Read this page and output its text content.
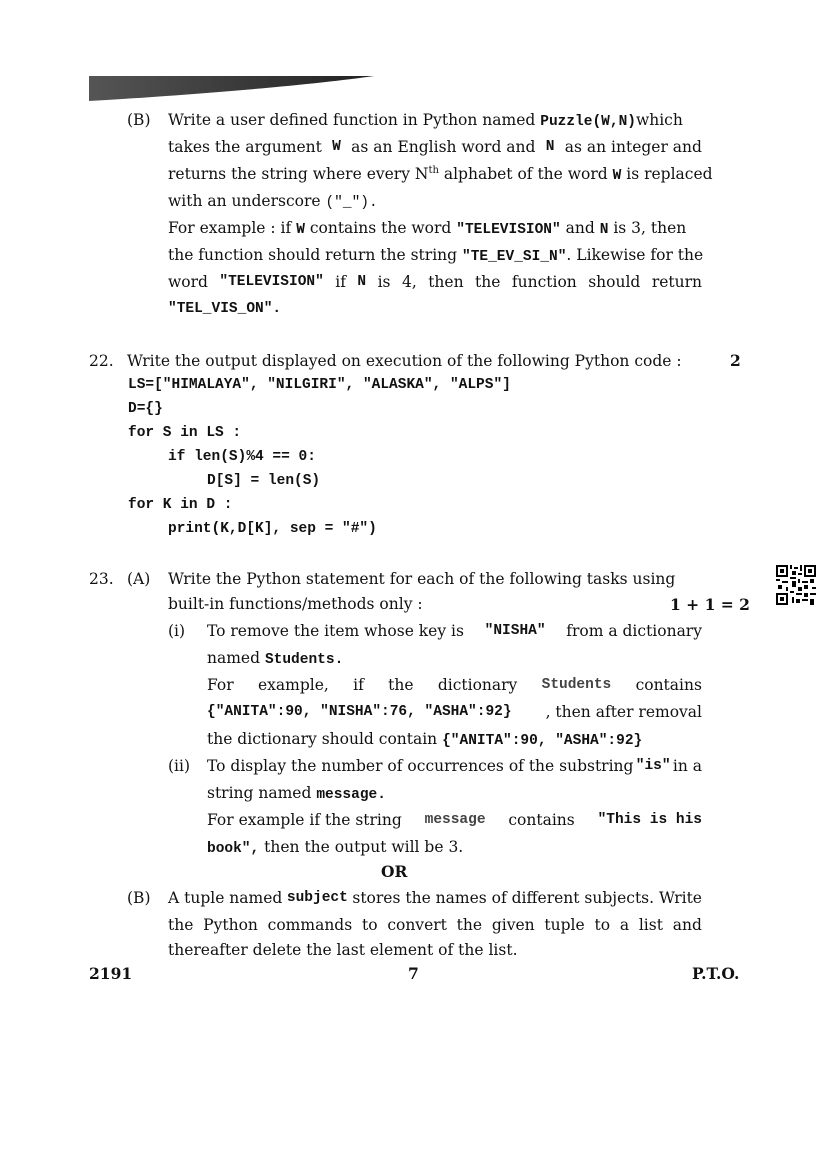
(B) Write a user defined function in Python named Puzzle(W,N)which
takes the argument W as an English word and N as an integer and
returns the string where every $N^{th}$ alphabet of the word W is replaced
with an underscore ("_").
For example : if W contains the word "TELEVISION" and N is 3, then
the function should return the string "TE_EV_SI_N". Likewise for the
word "TELEVISION" if N is 4, then the function should return
"TEL_VIS_ON".
22. Write the output displayed on execution of the following Python code :	2
LS=["HIMALAYA", "NILGIRI", "ALASKA", "ALPS"]
D={}
for S in LS :
if len(S)%4 == 0:
D[S] = len(S)
for K in D :
print(K,D[K], sep = "#")
23. (A) Write the Python statement for each of the following tasks using
built-in functions/methods only :	1 + 1 = 2
(i) To remove the item whose key is "NISHA" from a dictionary
named Students.
For example, if the dictionary Students contains
{"ANITA":90, "NISHA":76, "ASHA":92} , then after removal
the dictionary should contain {"ANITA":90, "ASHA":92}
(ii) To display the number of occurrences of the substring "is" in a
string named message.
For example if the string message contains "This is his
book", then the output will be 3.
OR
(B) A tuple named subject stores the names of different subjects. Write
the Python commands to convert the given tuple to a list and
thereafter delete the last element of the list.
2191	7	P.T.O.
